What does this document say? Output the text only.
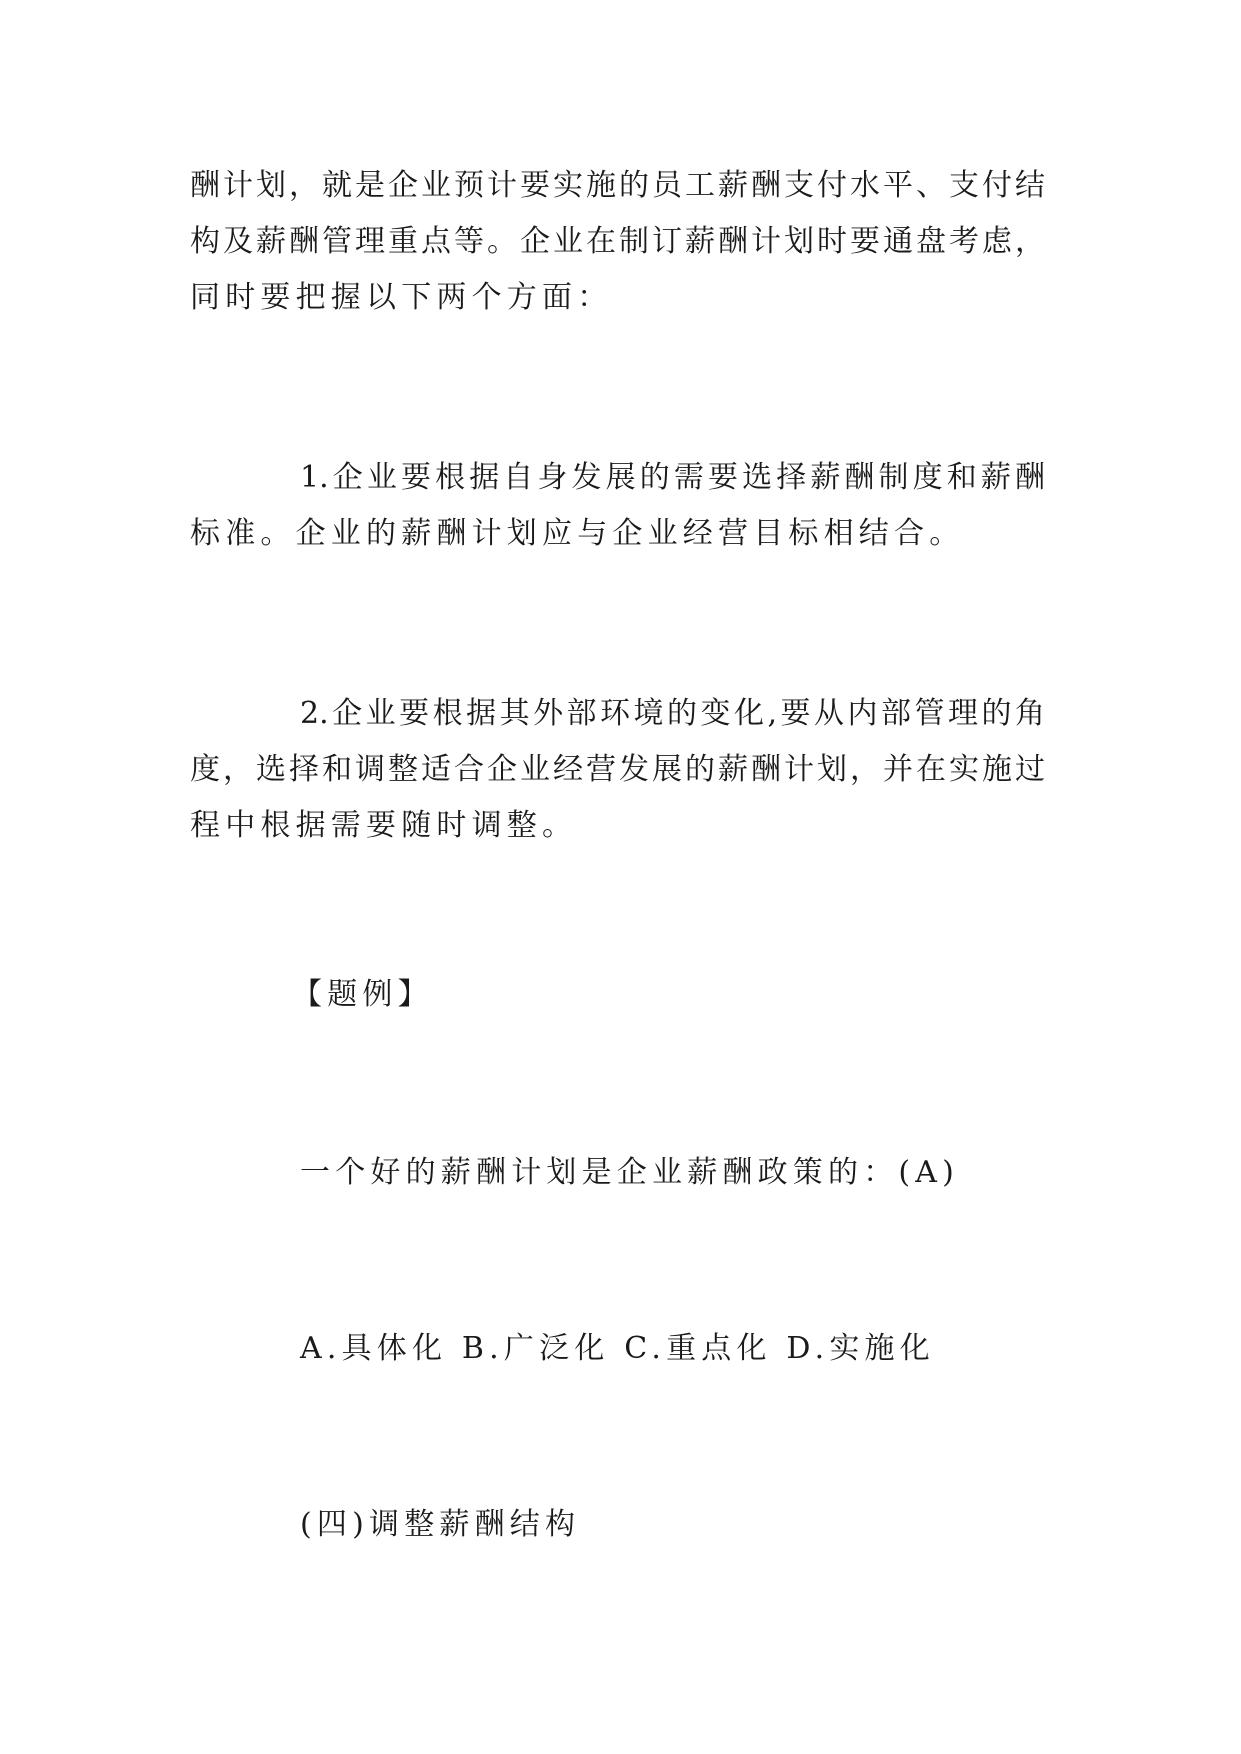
酬计划，就是企业预计要实施的员工薪酬支付水平、支付结
构及薪酬管理重点等。企业在制订薪酬计划时要通盘考虑，
同时要把握以下两个方面：
1.企业要根据自身发展的需要选择薪酬制度和薪酬
标准。企业的薪酬计划应与企业经营目标相结合。
2.企业要根据其外部环境的变化,要从内部管理的角
度，选择和调整适合企业经营发展的薪酬计划，并在实施过
程中根据需要随时调整。
【题例】
一个好的薪酬计划是企业薪酬政策的：(A)
A.具体化 B.广泛化 C.重点化 D.实施化
(四)调整薪酬结构
